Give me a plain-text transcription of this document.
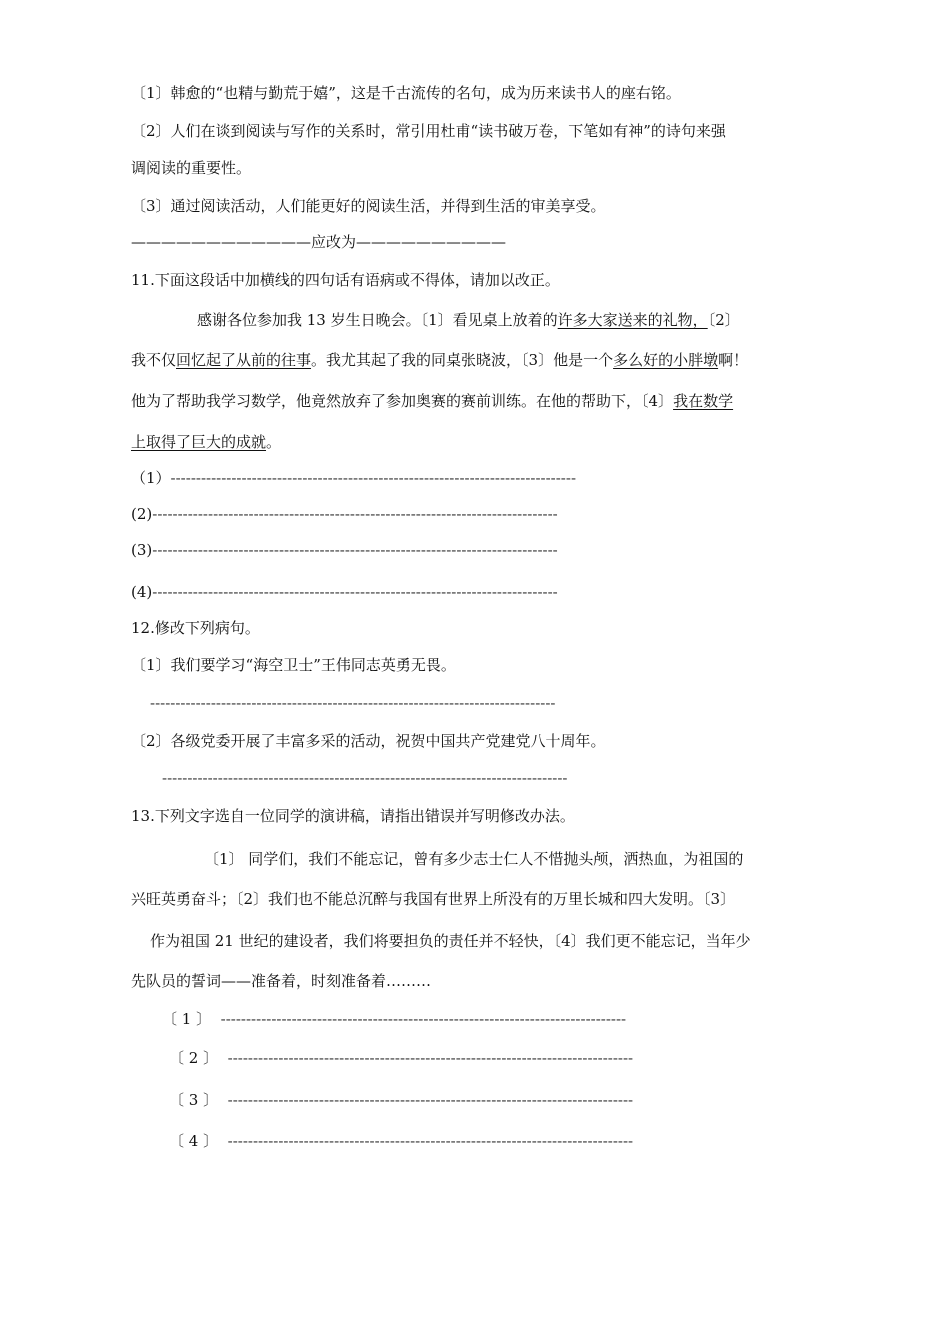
〔1〕韩愈的“也精与勤荒于嬉”，这是千古流传的名句，成为历来读书人的座右铭。
〔2〕人们在谈到阅读与写作的关系时，常引用杜甫“读书破万卷，下笔如有神”的诗句来强
调阅读的重要性。
〔3〕通过阅读活动，人们能更好的阅读生活，并得到生活的审美享受。
————————————应改为——————————
11.下面这段话中加横线的四句话有语病或不得体，请加以改正。
感谢各位参加我 13 岁生日晚会。〔1〕看见桌上放着的许多大家送来的礼物，〔2〕
我不仅回忆起了从前的往事。我尤其起了我的同桌张晓波，〔3〕他是一个多么好的小胖墩啊！
他为了帮助我学习数学，他竟然放弃了参加奥赛的赛前训练。在他的帮助下，〔4〕我在数学
上取得了巨大的成就。
（1）--------------------------------------------------------------------------------
(2)--------------------------------------------------------------------------------
(3)--------------------------------------------------------------------------------
(4)--------------------------------------------------------------------------------
12.修改下列病句。
〔1〕我们要学习“海空卫士”王伟同志英勇无畏。
--------------------------------------------------------------------------------
〔2〕各级党委开展了丰富多采的活动，祝贺中国共产党建党八十周年。
--------------------------------------------------------------------------------
13.下列文字选自一位同学的演讲稿，请指出错误并写明修改办法。
〔1〕 同学们，我们不能忘记，曾有多少志士仁人不惜抛头颅，洒热血，为祖国的
兴旺英勇奋斗；〔2〕我们也不能总沉醉与我国有世界上所没有的万里长城和四大发明。〔3〕
作为祖国 21 世纪的建设者，我们将要担负的责任并不轻快，〔4〕我们更不能忘记，当年少
先队员的誓词——准备着，时刻准备着………
〔 1 〕 --------------------------------------------------------------------------------
〔 2 〕 --------------------------------------------------------------------------------
〔 3 〕 --------------------------------------------------------------------------------
〔 4 〕 --------------------------------------------------------------------------------
